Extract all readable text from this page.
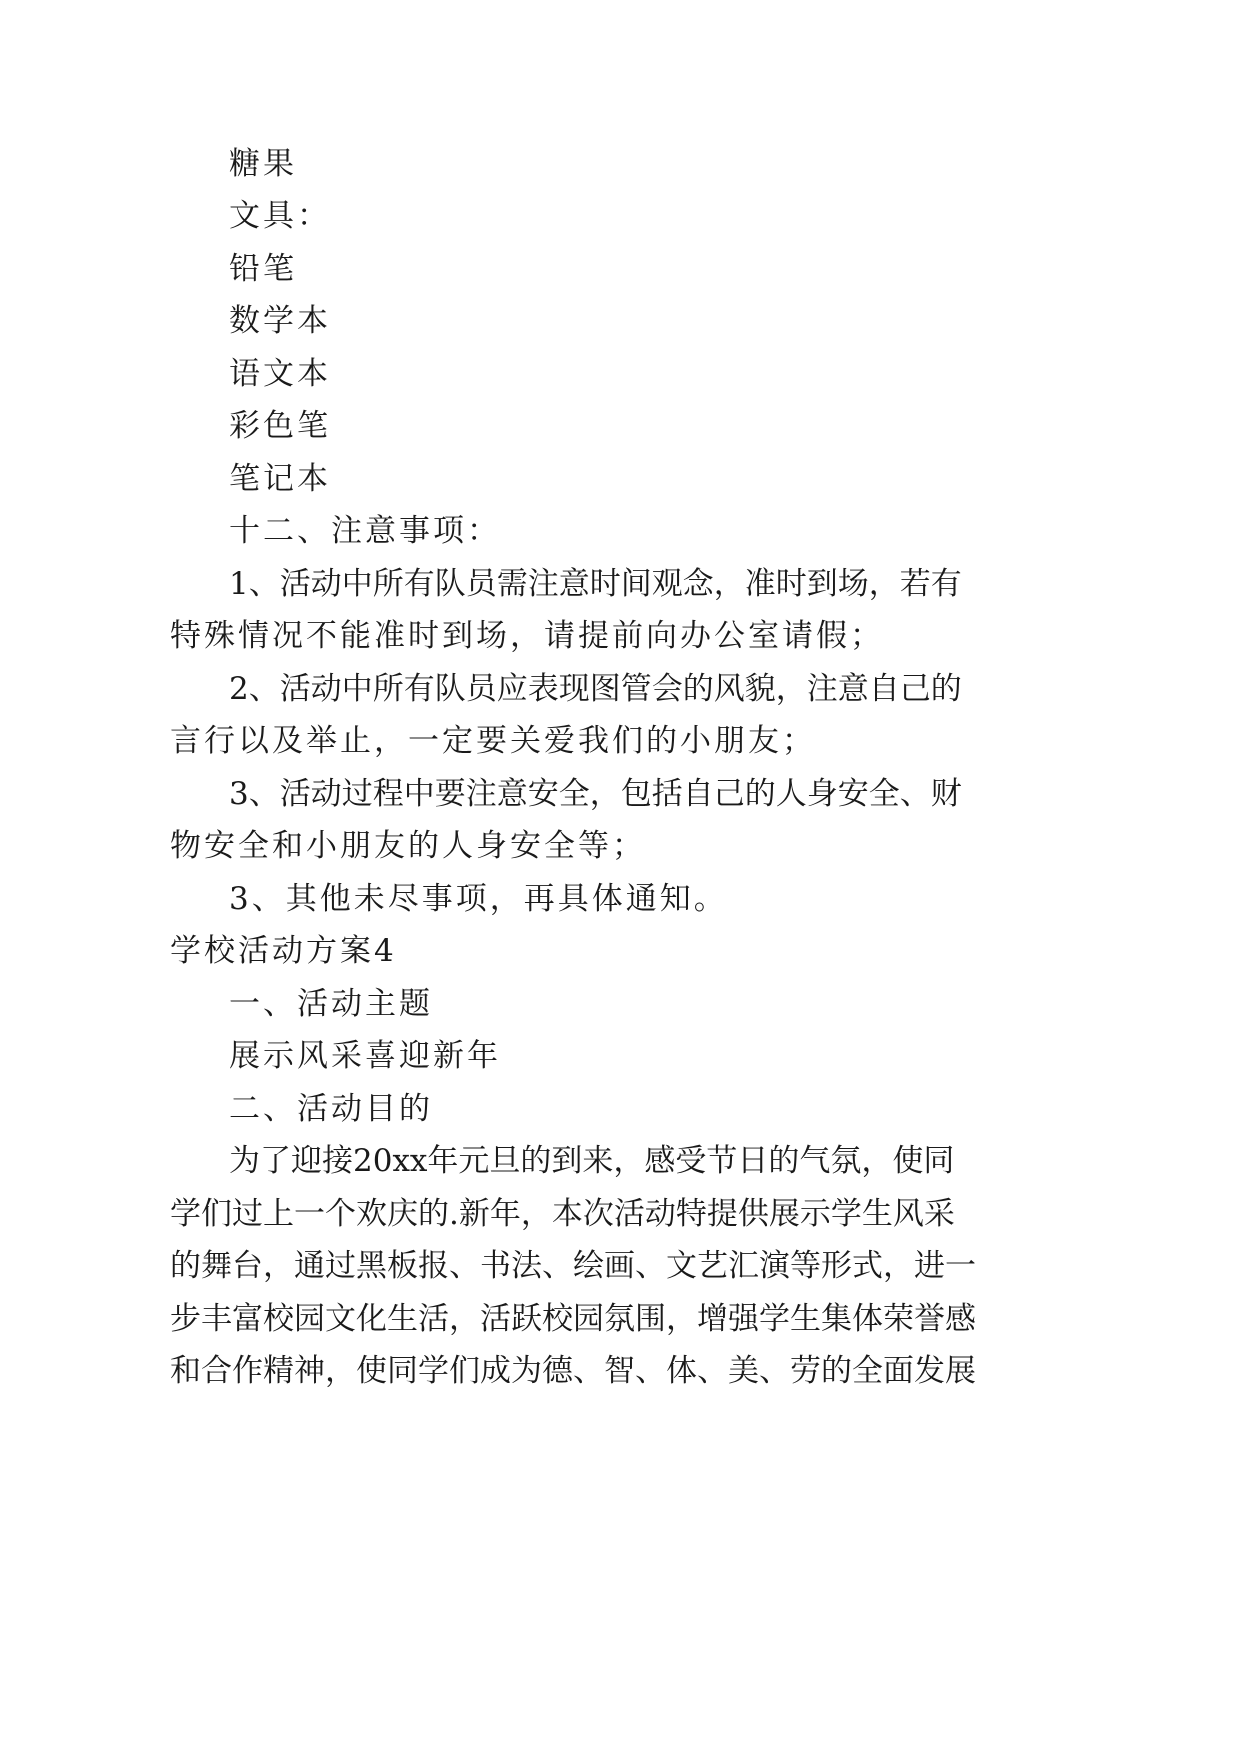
糖果

文具：

铅笔

数学本

语文本

彩色笔

笔记本

十二、注意事项：

1、活动中所有队员需注意时间观念，准时到场，若有

特殊情况不能准时到场，请提前向办公室请假；

2、活动中所有队员应表现图管会的风貌，注意自己的

言行以及举止，一定要关爱我们的小朋友；

3、活动过程中要注意安全，包括自己的人身安全、财

物安全和小朋友的人身安全等；

3、其他未尽事项，再具体通知。

学校活动方案4

一、活动主题

展示风采喜迎新年

二、活动目的

为了迎接20xx年元旦的到来，感受节日的气氛，使同

学们过上一个欢庆的.新年，本次活动特提供展示学生风采

的舞台，通过黑板报、书法、绘画、文艺汇演等形式，进一

步丰富校园文化生活，活跃校园氛围，增强学生集体荣誉感

和合作精神，使同学们成为德、智、体、美、劳的全面发展
